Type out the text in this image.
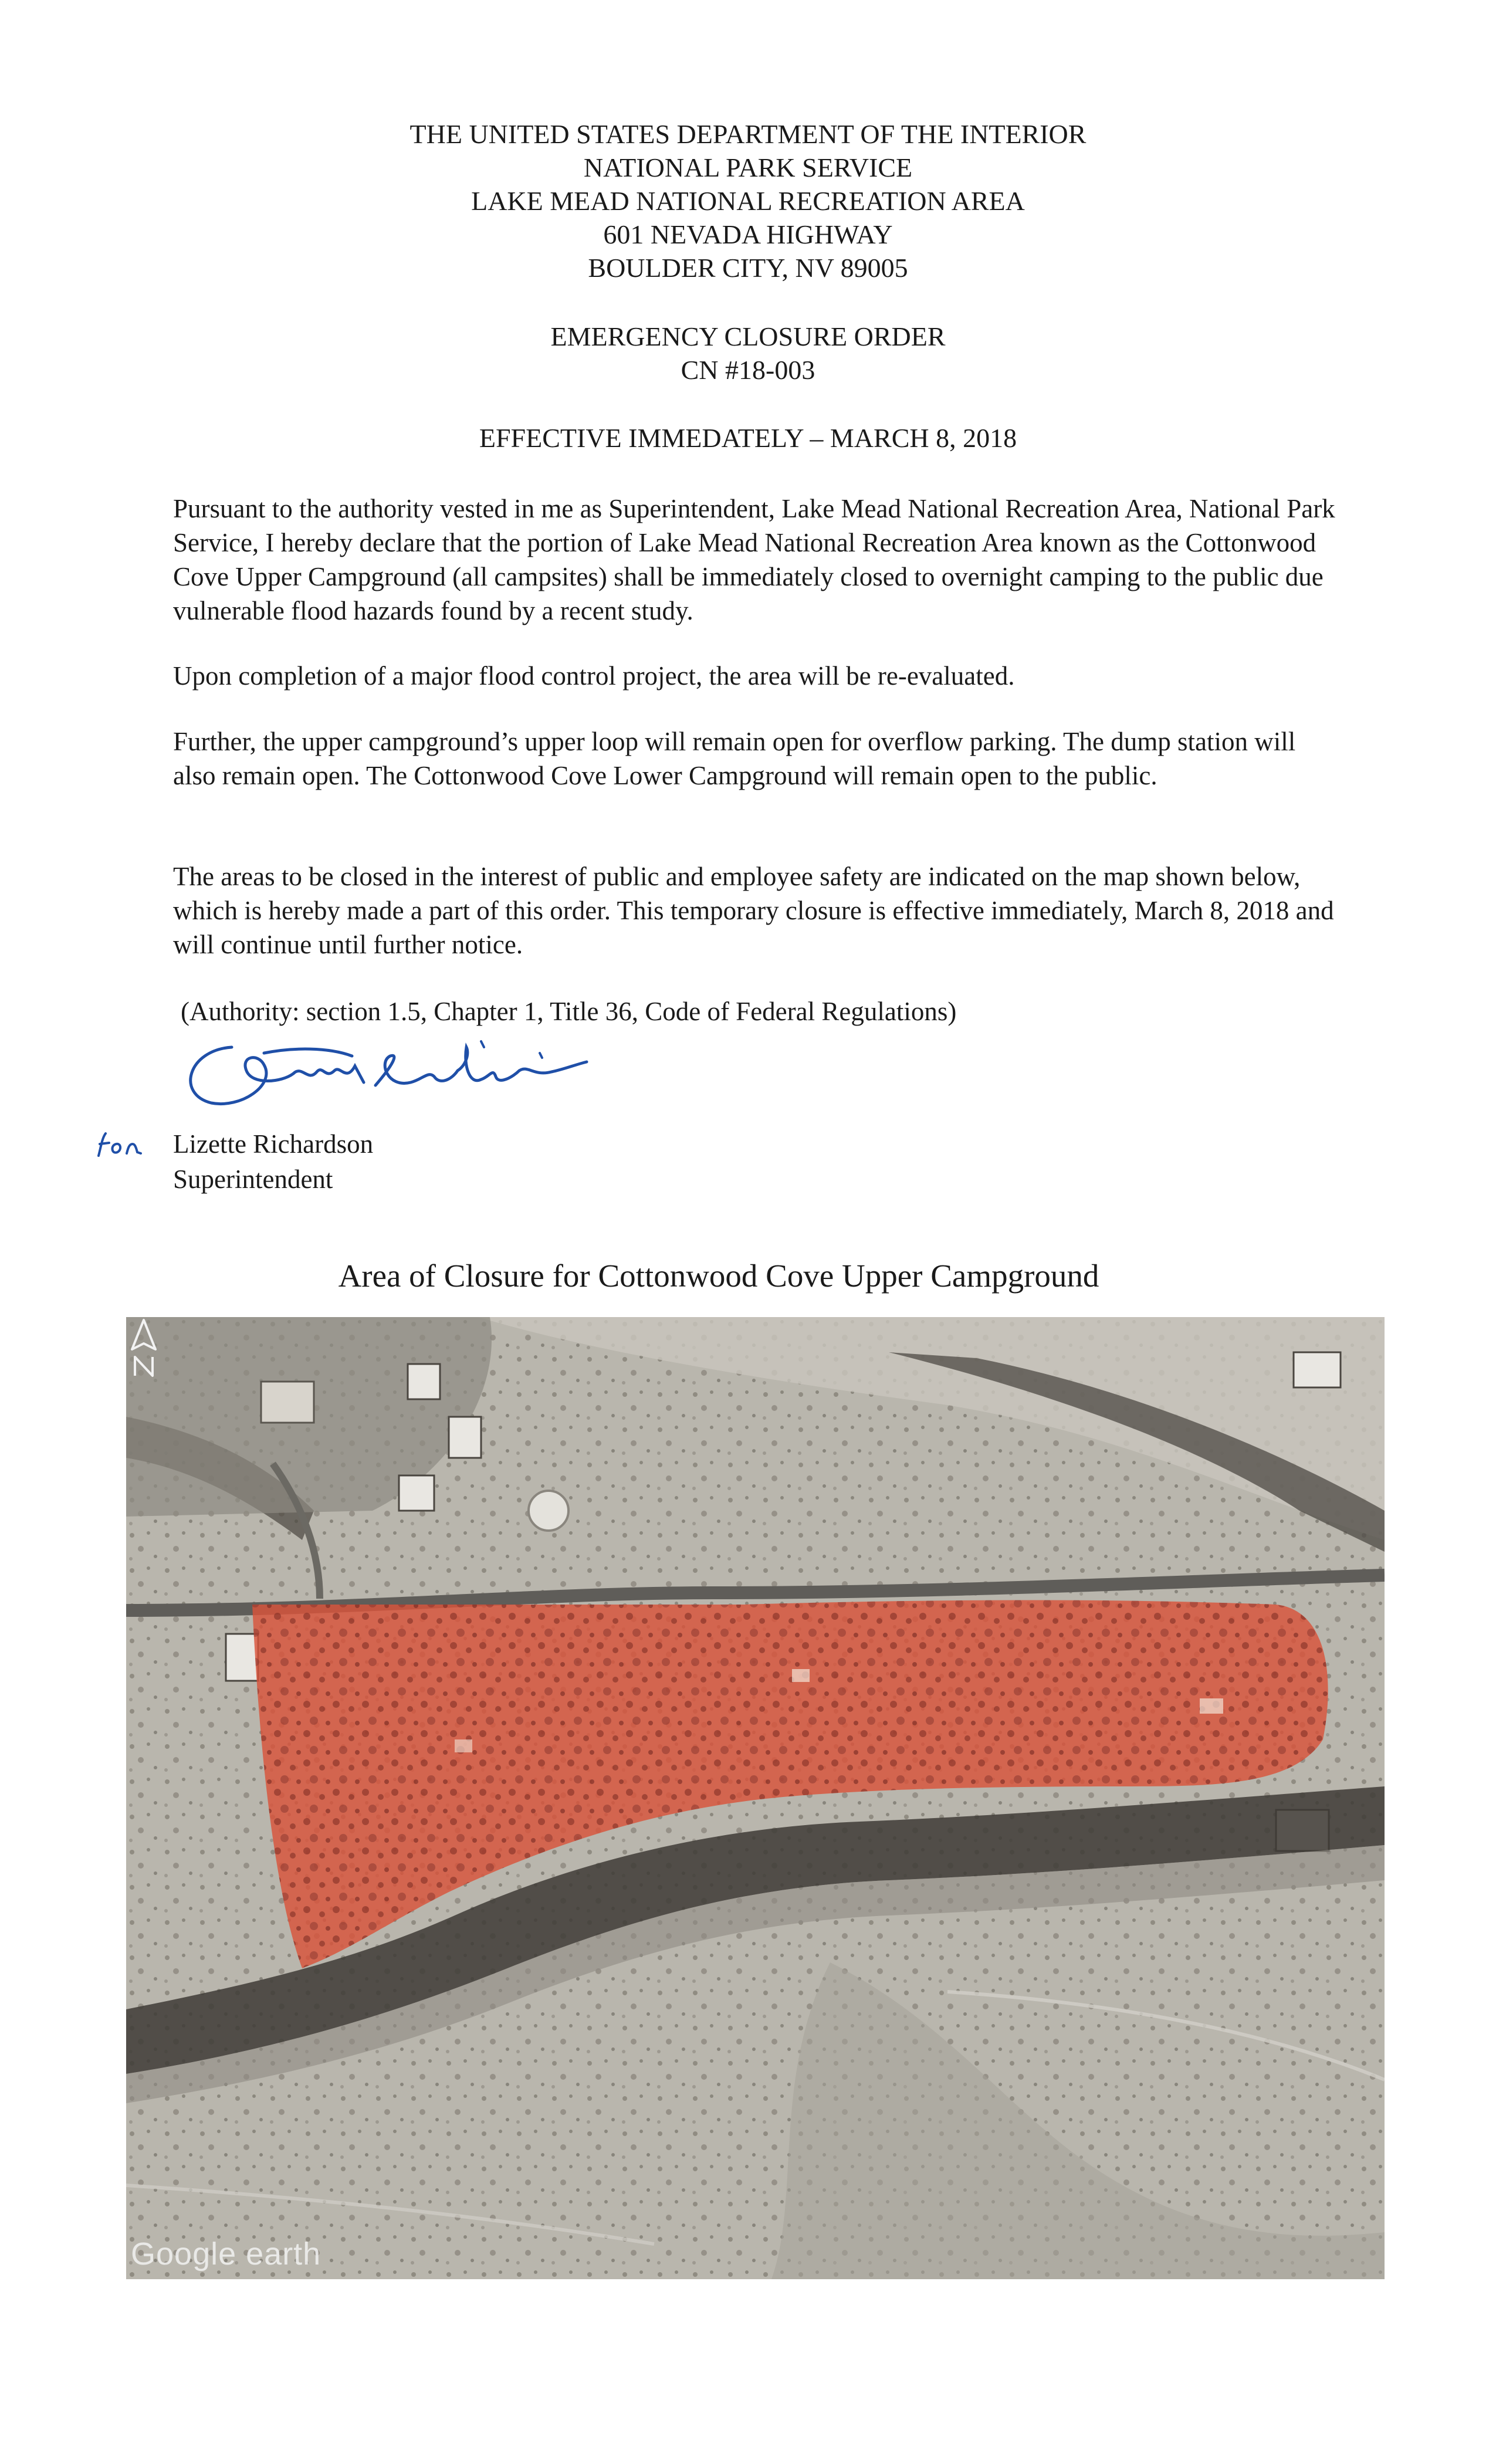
THE UNITED STATES DEPARTMENT OF THE INTERIOR
NATIONAL PARK SERVICE
LAKE MEAD NATIONAL RECREATION AREA
601 NEVADA HIGHWAY
BOULDER CITY, NV 89005
EMERGENCY CLOSURE ORDER
CN #18-003
EFFECTIVE IMMEDATELY – MARCH 8, 2018
Pursuant to the authority vested in me as Superintendent, Lake Mead National Recreation Area, National Park Service, I hereby declare that the portion of Lake Mead National Recreation Area known as the Cottonwood Cove Upper Campground (all campsites) shall be immediately closed to overnight camping to the public due vulnerable flood hazards found by a recent study.
Upon completion of a major flood control project, the area will be re-evaluated.
Further, the upper campground’s upper loop will remain open for overflow parking. The dump station will also remain open. The Cottonwood Cove Lower Campground will remain open to the public.
The areas to be closed in the interest of public and employee safety are indicated on the map shown below, which is hereby made a part of this order. This temporary closure is effective immediately, March 8, 2018 and will continue until further notice.
(Authority: section 1.5, Chapter 1, Title 36, Code of Federal Regulations)
Lizette Richardson
Superintendent
Area of Closure for Cottonwood Cove Upper Campground
Google earth
